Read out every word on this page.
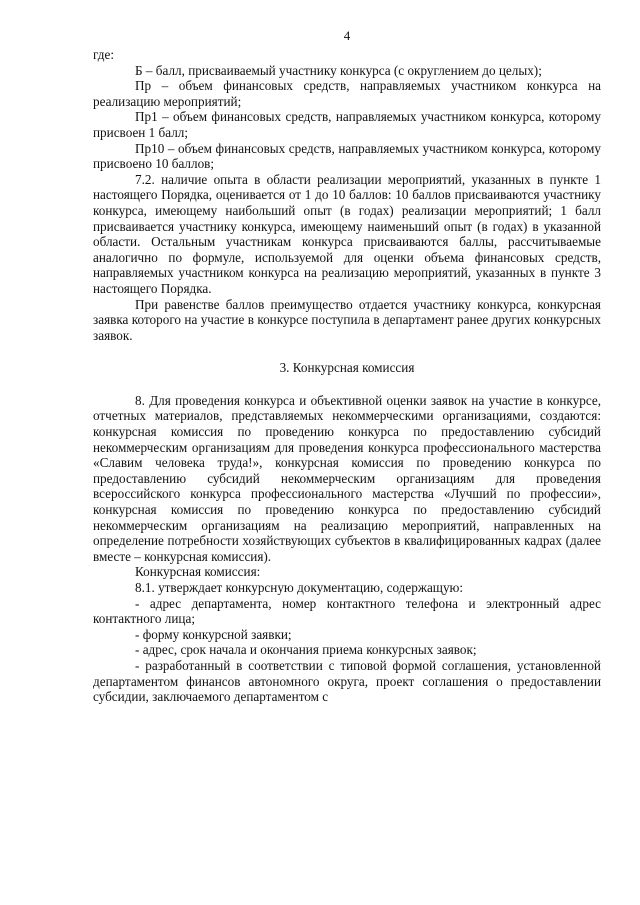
4

где:

Б – балл, присваиваемый участнику конкурса (с округлением до целых);

Пр – объем финансовых средств, направляемых участником конкурса на реализацию мероприятий;

Пр1 – объем финансовых средств, направляемых участником конкурса, которому присвоен 1 балл;

Пр10 – объем финансовых средств, направляемых участником конкурса, которому присвоено 10 баллов;

7.2. наличие опыта в области реализации мероприятий, указанных в пункте 1 настоящего Порядка, оценивается от 1 до 10 баллов: 10 баллов присваиваются участнику конкурса, имеющему наибольший опыт (в годах) реализации мероприятий; 1 балл присваивается участнику конкурса, имеющему наименьший опыт (в годах) в указанной области. Остальным участникам конкурса присваиваются баллы, рассчитываемые аналогично по формуле, используемой для оценки объема финансовых средств, направляемых участником конкурса на реализацию мероприятий, указанных в пункте 3 настоящего Порядка.

При равенстве баллов преимущество отдается участнику конкурса, конкурсная заявка которого на участие в конкурсе поступила в департамент ранее других конкурсных заявок.

3. Конкурсная комиссия

8. Для проведения конкурса и объективной оценки заявок на участие в конкурсе, отчетных материалов, представляемых некоммерческими организациями, создаются: конкурсная комиссия по проведению конкурса по предоставлению субсидий некоммерческим организациям для проведения конкурса профессионального мастерства «Славим человека труда!», конкурсная комиссия по проведению конкурса по предоставлению субсидий некоммерческим организациям для проведения всероссийского конкурса профессионального мастерства «Лучший по профессии», конкурсная комиссия по проведению конкурса по предоставлению субсидий некоммерческим организациям на реализацию мероприятий, направленных на определение потребности хозяйствующих субъектов в квалифицированных кадрах (далее вместе – конкурсная комиссия).

Конкурсная комиссия:

8.1. утверждает конкурсную документацию, содержащую:

- адрес департамента, номер контактного телефона и электронный адрес контактного лица;

- форму конкурсной заявки;

- адрес, срок начала и окончания приема конкурсных заявок;

- разработанный в соответствии с типовой формой соглашения, установленной департаментом финансов автономного округа, проект соглашения о предоставлении субсидии, заключаемого департаментом с
